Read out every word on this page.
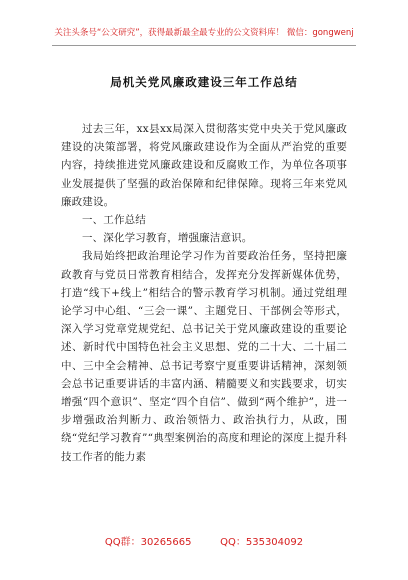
关注头条号“公文研究”，获得最新最全最专业的公文资料库！ 微信：gongwenj
局机关党风廉政建设三年工作总结

过去三年，xx县xx局深入贯彻落实党中央关于党风廉政建设的决策部署，将党风廉政建设作为全面从严治党的重要内容，持续推进党风廉政建设和反腐败工作，为单位各项事业发展提供了坚强的政治保障和纪律保障。现将三年来党风廉政建设。

一、工作总结

一、深化学习教育，增强廉洁意识。

我局始终把政治理论学习作为首要政治任务，坚持把廉政教育与党员日常教育相结合，发挥充分发挥新媒体优势，打造“线下+线上”相结合的警示教育学习机制。通过党组理论学习中心组、“三会一课”、主题党日、干部例会等形式，深入学习党章党规党纪、总书记关于党风廉政建设的重要论述、新时代中国特色社会主义思想、党的二十大、二十届二中、三中全会精神、总书记考察宁夏重要讲话精神，深刻领会总书记重要讲话的丰富内涵、精髓要义和实践要求，切实增强“四个意识”、坚定“四个自信”、做到“两个维护”，进一步增强政治判断力、政治领悟力、政治执行力，从政，围绕“党纪学习教育”“典型案例治的高度和理论的深度上提升科技工作者的能力素

QQ群：30265665	QQ：535304092
